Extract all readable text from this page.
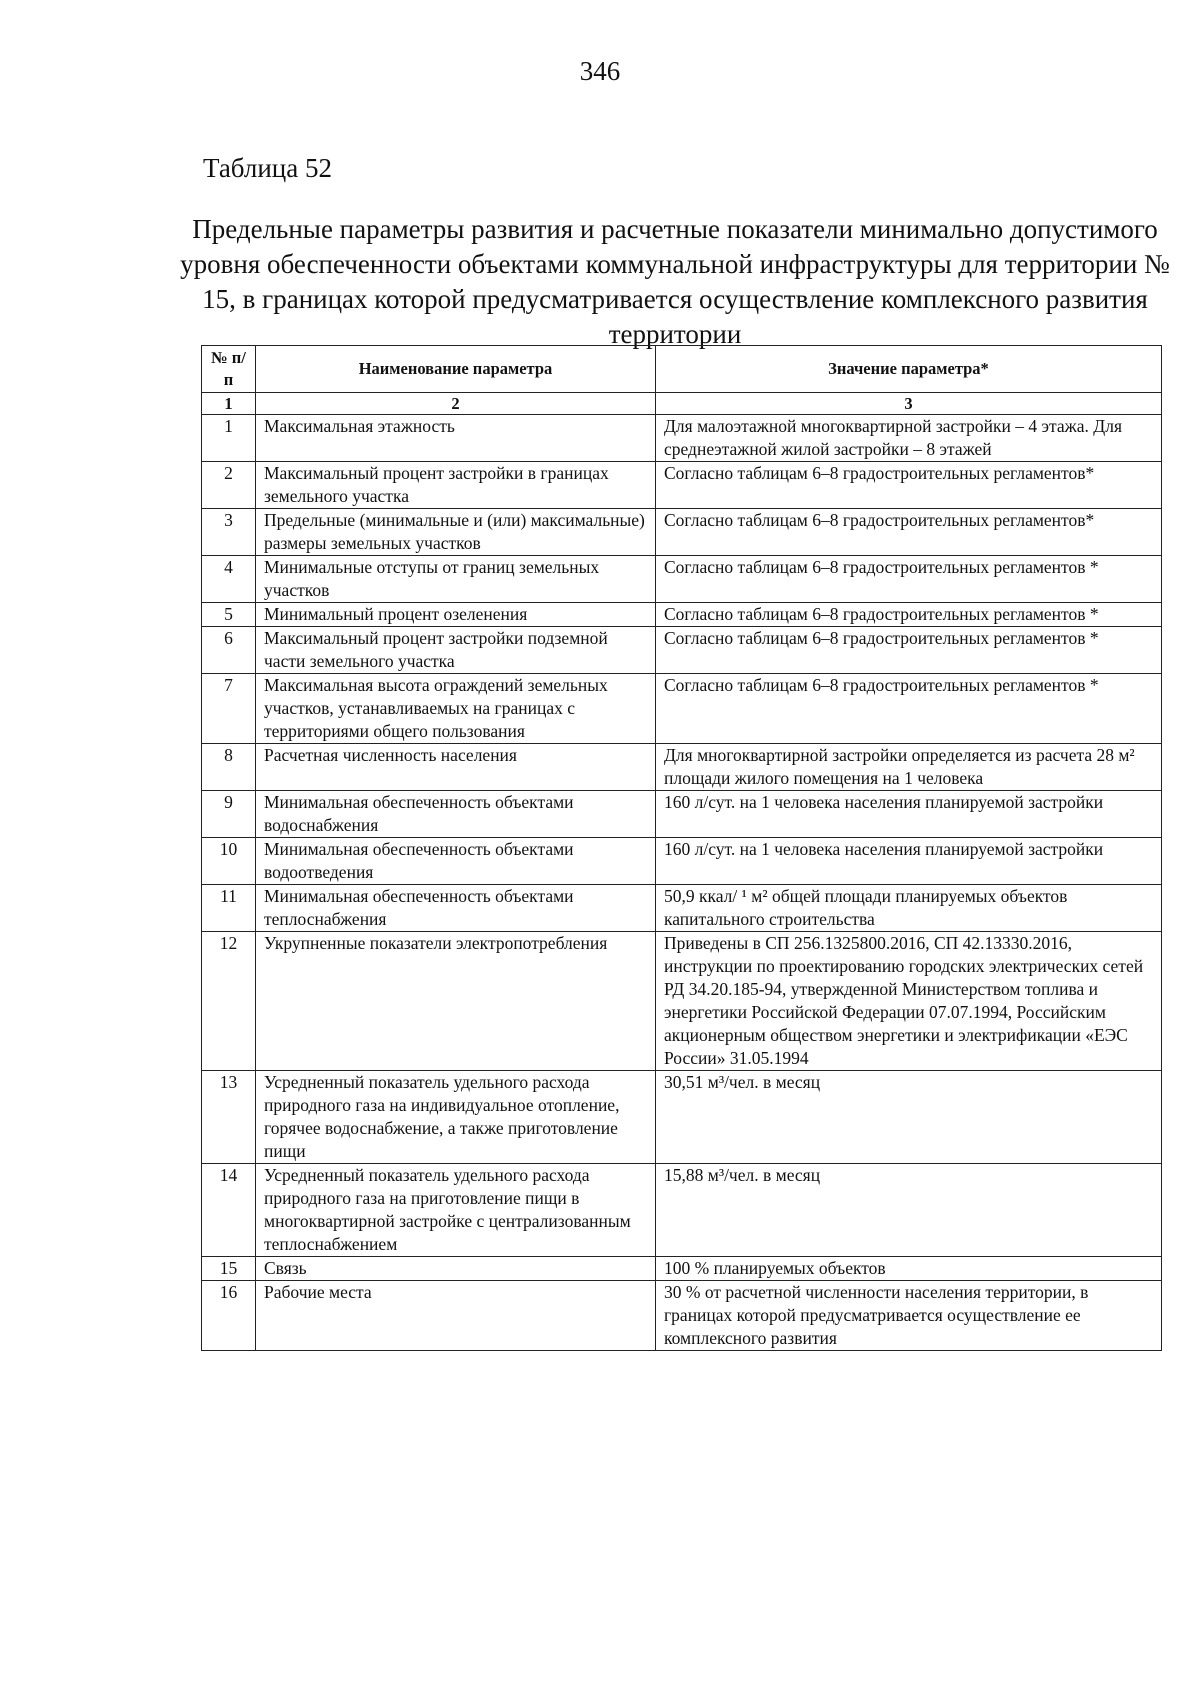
346
Таблица 52
Предельные параметры развития и расчетные показатели минимально допустимого уровня обеспеченности объектами коммунальной инфраструктуры для территории № 15, в границах которой предусматривается осуществление комплексного развития территории
№ п/п	Наименование параметра	Значение параметра*
1	2	3
1	Максимальная этажность	Для малоэтажной многоквартирной застройки – 4 этажа. Для среднеэтажной жилой застройки – 8 этажей
2	Максимальный процент застройки в границах земельного участка	Согласно таблицам 6–8 градостроительных регламентов*
3	Предельные (минимальные и (или) максимальные) размеры земельных участков	Согласно таблицам 6–8 градостроительных регламентов*
4	Минимальные отступы от границ земельных участков	Согласно таблицам 6–8 градостроительных регламентов *
5	Минимальный процент озеленения	Согласно таблицам 6–8 градостроительных регламентов *
6	Максимальный процент застройки подземной части земельного участка	Согласно таблицам 6–8 градостроительных регламентов *
7	Максимальная высота ограждений земельных участков, устанавливаемых на границах с территориями общего пользования	Согласно таблицам 6–8 градостроительных регламентов *
8	Расчетная численность населения	Для многоквартирной застройки определяется из расчета 28 м² площади жилого помещения на 1 человека
9	Минимальная обеспеченность объектами водоснабжения	160 л/сут. на 1 человека населения планируемой застройки
10	Минимальная обеспеченность объектами водоотведения	160 л/сут. на 1 человека населения планируемой застройки
11	Минимальная обеспеченность объектами теплоснабжения	50,9 ккал/ ¹ м² общей площади планируемых объектов капитального строительства
12	Укрупненные показатели электропотребления	Приведены в СП 256.1325800.2016, СП 42.13330.2016, инструкции по проектированию городских электрических сетей РД 34.20.185-94, утвержденной Министерством топлива и энергетики Российской Федерации 07.07.1994, Российским акционерным обществом энергетики и электрификации «ЕЭС России» 31.05.1994
13	Усредненный показатель удельного расхода природного газа на индивидуальное отопление, горячее водоснабжение, а также приготовление пищи	30,51 м³/чел. в месяц
14	Усредненный показатель удельного расхода природного газа на приготовление пищи в многоквартирной застройке с централизованным теплоснабжением	15,88 м³/чел. в месяц
15	Связь	100 % планируемых объектов
16	Рабочие места	30 % от расчетной численности населения территории, в границах которой предусматривается осуществление ее комплексного развития
